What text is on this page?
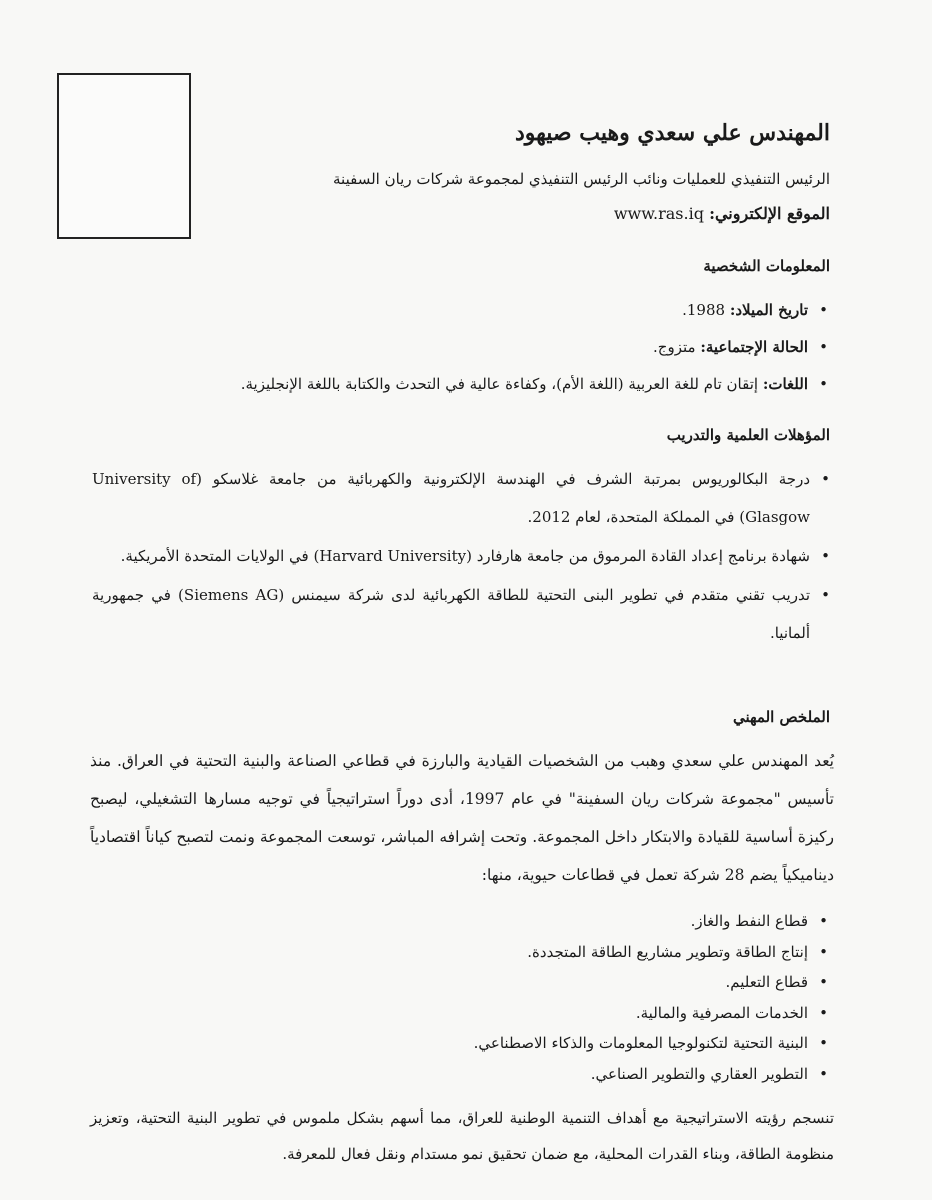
المهندس علي سعدي وهيب صيهود

الرئيس التنفيذي للعمليات ونائب الرئيس التنفيذي لمجموعة شركات ريان السفينة

الموقع الإلكتروني: www.ras.iq

المعلومات الشخصية
• تاريخ الميلاد: 1988.
• الحالة الإجتماعية: متزوج.
• اللغات: إتقان تام للغة العربية (اللغة الأم)، وكفاءة عالية في التحدث والكتابة باللغة الإنجليزية.
المؤهلات العلمية والتدريب
• درجة البكالوريوس بمرتبة الشرف في الهندسة الإلكترونية والكهربائية من جامعة غلاسكو (University of Glasgow) في المملكة المتحدة، لعام 2012.
• شهادة برنامج إعداد القادة المرموق من جامعة هارفارد (Harvard University) في الولايات المتحدة الأمريكية.
• تدريب تقني متقدم في تطوير البنى التحتية للطاقة الكهربائية لدى شركة سيمنس (Siemens AG) في جمهورية ألمانيا.
الملخص المهني

يُعد المهندس علي سعدي وهبب من الشخصيات القيادية والبارزة في قطاعي الصناعة والبنية التحتية في العراق. منذ تأسيس "مجموعة شركات ريان السفينة" في عام 1997، أدى دوراً استراتيجياً في توجيه مسارها التشغيلي، ليصبح ركيزة أساسية للقيادة والابتكار داخل المجموعة. وتحت إشرافه المباشر، توسعت المجموعة ونمت لتصبح كياناً اقتصادياً ديناميكياً يضم 28 شركة تعمل في قطاعات حيوية، منها:

• قطاع النفط والغاز.
• إنتاج الطاقة وتطوير مشاريع الطاقة المتجددة.
• قطاع التعليم.
• الخدمات المصرفية والمالية.
• البنية التحتية لتكنولوجيا المعلومات والذكاء الاصطناعي.
• التطوير العقاري والتطوير الصناعي.

تنسجم رؤيته الاستراتيجية مع أهداف التنمية الوطنية للعراق، مما أسهم بشكل ملموس في تطوير البنية التحتية، وتعزيز منظومة الطاقة، وبناء القدرات المحلية، مع ضمان تحقيق نمو مستدام ونقل فعال للمعرفة.
